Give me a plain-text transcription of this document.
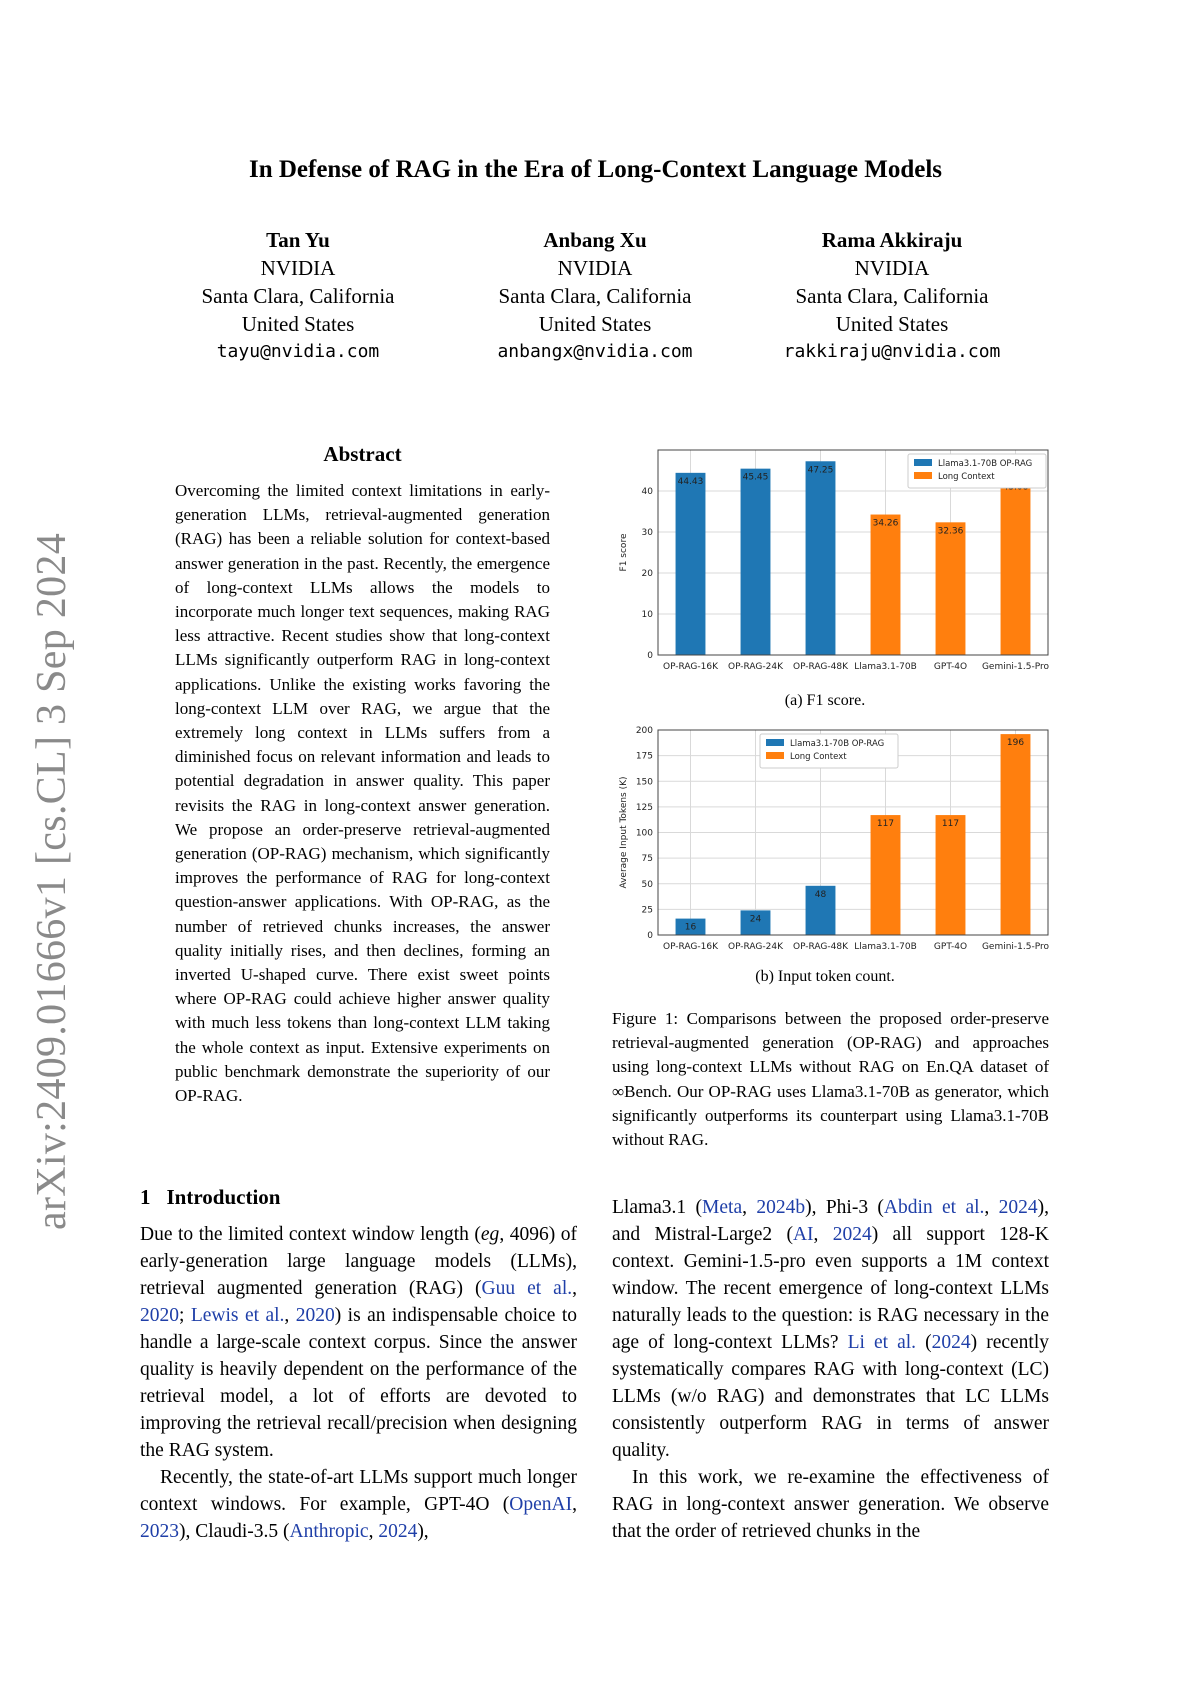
arXiv:2409.01666v1 [cs.CL] 3 Sep 2024
In Defense of RAG in the Era of Long-Context Language Models
Tan Yu
NVIDIA
Santa Clara, California
United States
tayu@nvidia.com
Anbang Xu
NVIDIA
Santa Clara, California
United States
anbangx@nvidia.com
Rama Akkiraju
NVIDIA
Santa Clara, California
United States
rakkiraju@nvidia.com
Abstract
Overcoming the limited context limitations in early-generation LLMs, retrieval-augmented generation (RAG) has been a reliable solution for context-based answer generation in the past. Recently, the emergence of long-context LLMs allows the models to incorporate much longer text sequences, making RAG less attractive. Recent studies show that long-context LLMs significantly outperform RAG in long-context applications. Unlike the existing works favoring the long-context LLM over RAG, we argue that the extremely long context in LLMs suffers from a diminished focus on relevant information and leads to potential degradation in answer quality. This paper revisits the RAG in long-context answer generation. We propose an order-preserve retrieval-augmented generation (OP-RAG) mechanism, which significantly improves the performance of RAG for long-context question-answer applications. With OP-RAG, as the number of retrieved chunks increases, the answer quality initially rises, and then declines, forming an inverted U-shaped curve. There exist sweet points where OP-RAG could achieve higher answer quality with much less tokens than long-context LLM taking the whole context as input. Extensive experiments on public benchmark demonstrate the superiority of our OP-RAG.
0
10
20
30
40
44.43
OP-RAG-16K
45.45
OP-RAG-24K
47.25
OP-RAG-48K
34.26
Llama3.1-70B
32.36
GPT-4O Gemini-1.5-Pro
F1 score
Llama3.1-70B OP-RAG
Long Context
(a) F1 score.
0
25
50
75
100
125
150
175
200
16
OP-RAG-16K
24
OP-RAG-24K
48
OP-RAG-48K
117
Llama3.1-70B
117
GPT-4O
196
Gemini-1.5-Pro
Average Input Tokens (K)
Llama3.1-70B OP-RAG
Long Context
(b) Input token count.
Figure 1: Comparisons between the proposed order-preserve retrieval-augmented generation (OP-RAG) and approaches using long-context LLMs without RAG on En.QA dataset of ∞Bench. Our OP-RAG uses Llama3.1-70B as generator, which significantly outperforms its counterpart using Llama3.1-70B without RAG.
1 Introduction
Due to the limited context window length (eg, 4096) of early-generation large language models (LLMs), retrieval augmented generation (RAG) (Guu et al., 2020; Lewis et al., 2020) is an indispensable choice to handle a large-scale context corpus. Since the answer quality is heavily dependent on the performance of the retrieval model, a lot of efforts are devoted to improving the retrieval recall/precision when designing the RAG system.
Recently, the state-of-art LLMs support much longer context windows. For example, GPT-4O (OpenAI, 2023), Claudi-3.5 (Anthropic, 2024),
Llama3.1 (Meta, 2024b), Phi-3 (Abdin et al., 2024), and Mistral-Large2 (AI, 2024) all support 128-K context. Gemini-1.5-pro even supports a 1M context window. The recent emergence of long-context LLMs naturally leads to the question: is RAG necessary in the age of long-context LLMs? Li et al. (2024) recently systematically compares RAG with long-context (LC) LLMs (w/o RAG) and demonstrates that LC LLMs consistently outperform RAG in terms of answer quality.
In this work, we re-examine the effectiveness of RAG in long-context answer generation. We observe that the order of retrieved chunks in the
